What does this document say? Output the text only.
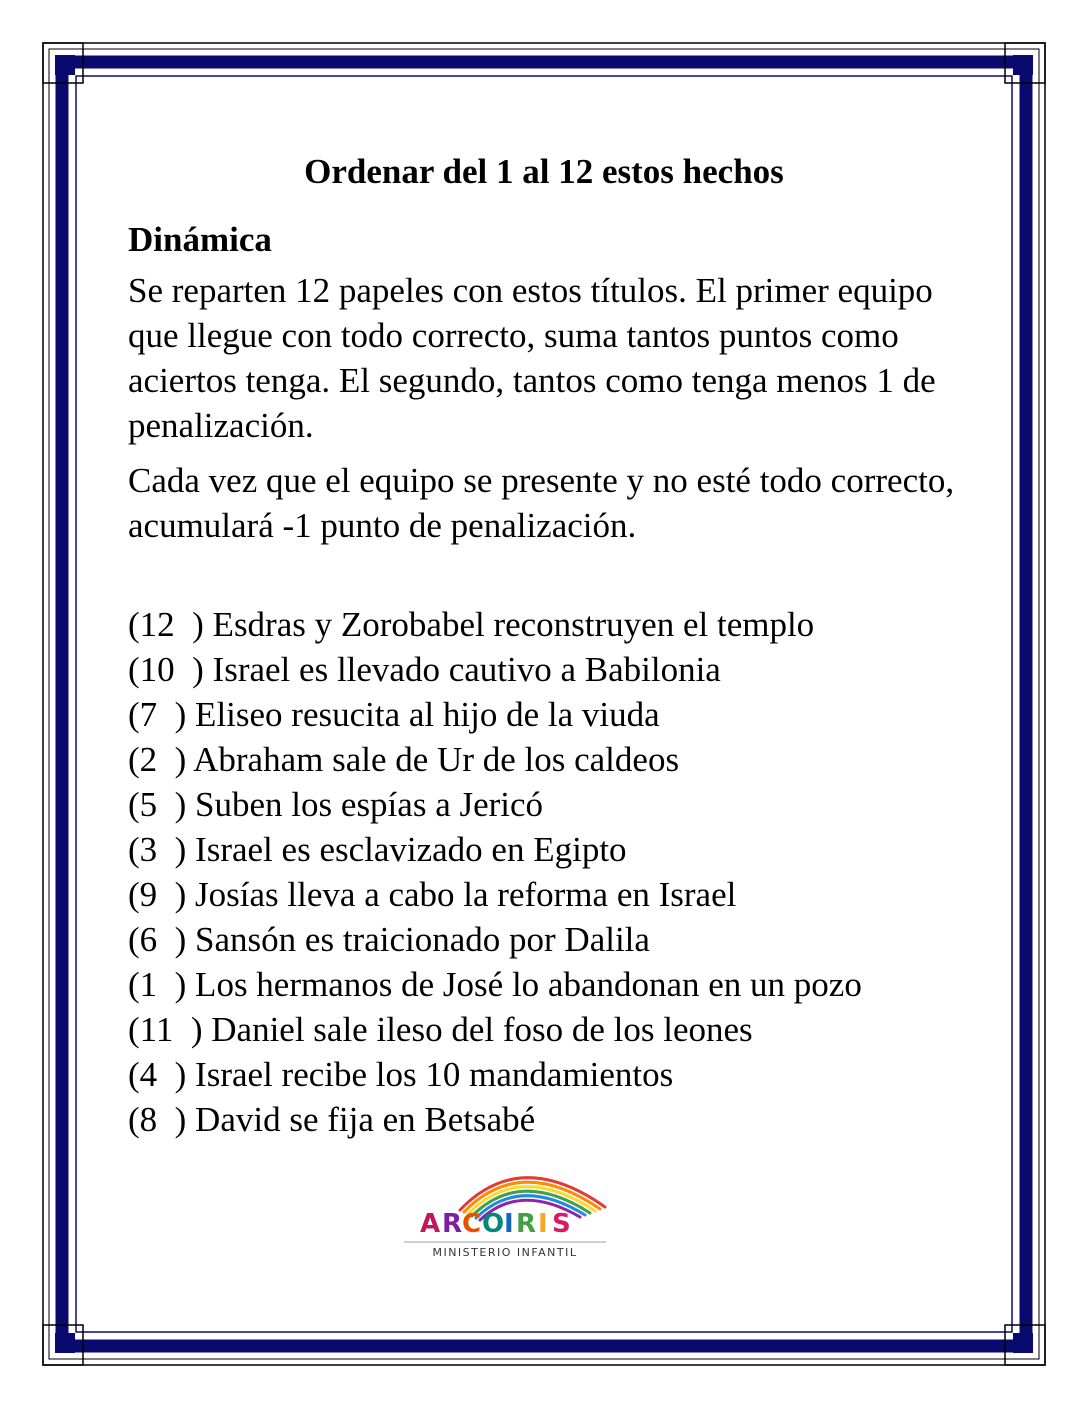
Ordenar del 1 al 12 estos hechos
Dinámica

Se reparten 12 papeles con estos títulos. El primer equipo que llegue con todo correcto, suma tantos puntos como aciertos tenga. El segundo, tantos como tenga menos 1 de penalización.

Cada vez que el equipo se presente y no esté todo correcto, acumulará -1 punto de penalización.

(12  ) Esdras y Zorobabel reconstruyen el templo
(10  ) Israel es llevado cautivo a Babilonia
(7  ) Eliseo resucita al hijo de la viuda
(2  ) Abraham sale de Ur de los caldeos
(5  ) Suben los espías a Jericó
(3  ) Israel es esclavizado en Egipto
(9  ) Josías lleva a cabo la reforma en Israel
(6  ) Sansón es traicionado por Dalila
(1  ) Los hermanos de José lo abandonan en un pozo
(11  ) Daniel sale ileso del foso de los leones
(4  ) Israel recibe los 10 mandamientos
(8  ) David se fija en Betsabé
A R C O I R I S
MINISTERIO INFANTIL
